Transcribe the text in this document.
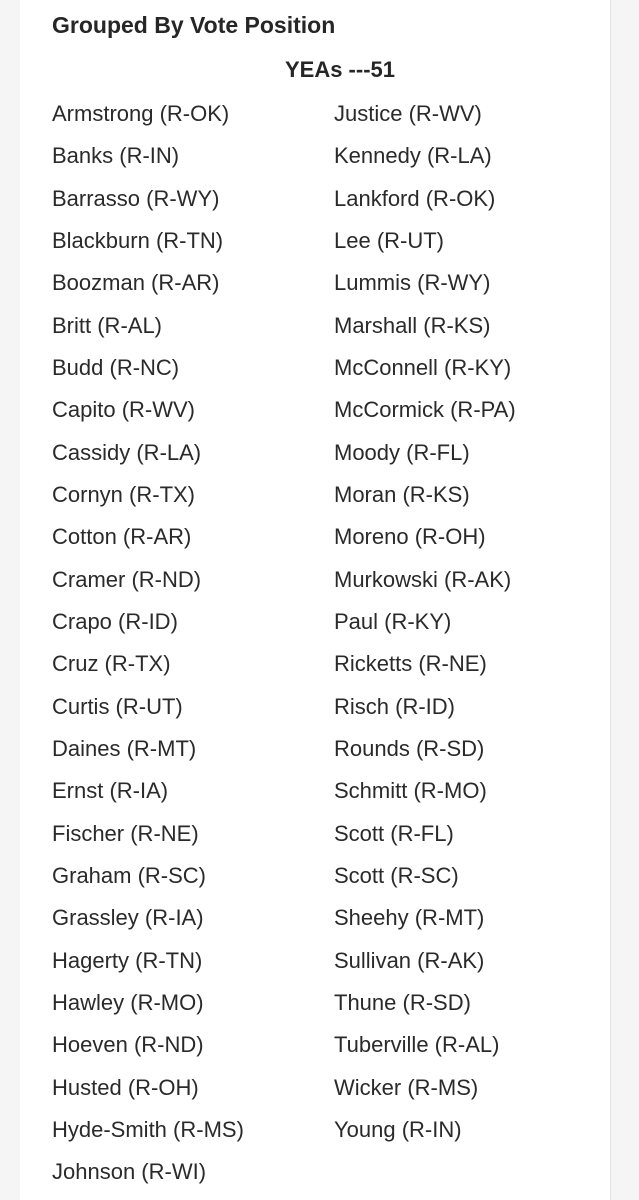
Grouped By Vote Position
YEAs ---51
Armstrong (R-OK)
Banks (R-IN)
Barrasso (R-WY)
Blackburn (R-TN)
Boozman (R-AR)
Britt (R-AL)
Budd (R-NC)
Capito (R-WV)
Cassidy (R-LA)
Cornyn (R-TX)
Cotton (R-AR)
Cramer (R-ND)
Crapo (R-ID)
Cruz (R-TX)
Curtis (R-UT)
Daines (R-MT)
Ernst (R-IA)
Fischer (R-NE)
Graham (R-SC)
Grassley (R-IA)
Hagerty (R-TN)
Hawley (R-MO)
Hoeven (R-ND)
Husted (R-OH)
Hyde-Smith (R-MS)
Johnson (R-WI)
Justice (R-WV)
Kennedy (R-LA)
Lankford (R-OK)
Lee (R-UT)
Lummis (R-WY)
Marshall (R-KS)
McConnell (R-KY)
McCormick (R-PA)
Moody (R-FL)
Moran (R-KS)
Moreno (R-OH)
Murkowski (R-AK)
Paul (R-KY)
Ricketts (R-NE)
Risch (R-ID)
Rounds (R-SD)
Schmitt (R-MO)
Scott (R-FL)
Scott (R-SC)
Sheehy (R-MT)
Sullivan (R-AK)
Thune (R-SD)
Tuberville (R-AL)
Wicker (R-MS)
Young (R-IN)
